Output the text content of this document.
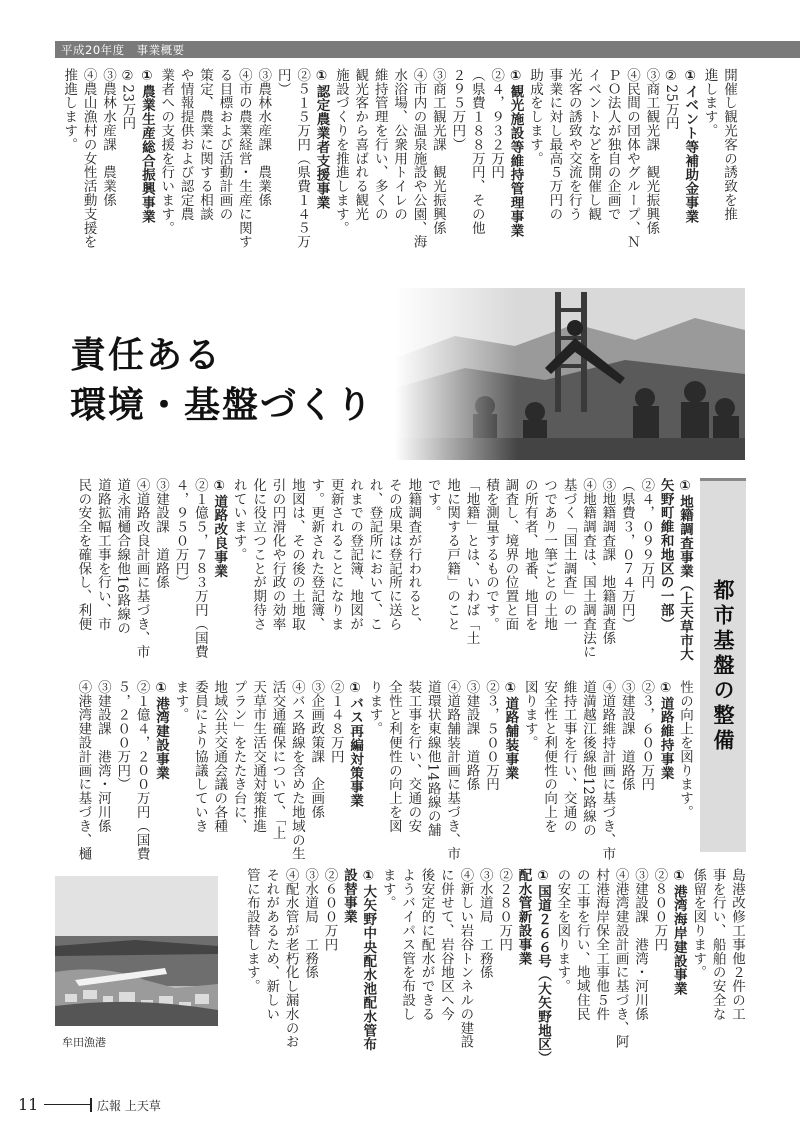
平成20年度　事業概要
開催し観光客の誘致を推
進します。
①イベント等補助金事業
②25万円
③商工観光課　観光振興係
④民間の団体やグループ、Ｎ
ＰＯ法人が独自の企画で
イベントなどを開催し観
光客の誘致や交流を行う
事業に対し最高５万円の
助成をします。
①観光施設等維持管理事業
②４，９３２万円
（県費１８８万円、その他
２９５万円）
③商工観光課　観光振興係
④市内の温泉施設や公園、海
水浴場、公衆用トイレの
維持管理を行い、多くの
観光客から喜ばれる観光
施設づくりを推進します。
①認定農業者支援事業
②５１５万円（県費１４５万
円）
③農林水産課　農業係
④市の農業経営・生産に関す
る目標および活動計画の
策定、農業に関する相談
や情報提供および認定農
業者への支援を行います。
①農業生産総合振興事業
②23万円
③農林水産課　農業係
④農山漁村の女性活動支援を
推進します。
責任ある
環境・基盤づくり
都市基盤の整備
①地籍調査事業（上天草市大
矢野町維和地区の一部）
②４，０９９万円
（県費３，０７４万円）
③地籍調査課　地籍調査係
④地籍調査は、国土調査法に
基づく「国土調査」の一
つであり一筆ごとの土地
の所有者、地番、地目を
調査し、境界の位置と面
積を測量するものです。
「地籍」とは、いわば「土
地に関する戸籍」のこと
です。
地籍調査が行われると、
その成果は登記所に送ら
れ、登記所において、こ
れまでの登記簿、地図が
更新されることになりま
す。更新された登記簿、
地図は、その後の土地取
引の円滑化や行政の効率
化に役立つことが期待さ
れています。
①道路改良事業
②１億５，７８３万円（国費
４，９５０万円）
③建設課　道路係
④道路改良計画に基づき、市
道永浦樋合線他16路線の
道路拡幅工事を行い、市
民の安全を確保し、利便
性の向上を図ります。
①道路維持事業
②３，６００万円
③建設課　道路係
④道路維持計画に基づき、市
道満越江後線他12路線の
維持工事を行い、交通の
安全性と利便性の向上を
図ります。
①道路舗装事業
②３，５００万円
③建設課　道路係
④道路舗装計画に基づき、市
道環状東線他14路線の舗
装工事を行い、交通の安
全性と利便性の向上を図
ります。
①バス再編対策事業
②１４８万円
③企画政策課　企画係
④バス路線を含めた地域の生
活交通確保について、「上
天草市生活交通対策推進
プラン」をたたき台に、
地域公共交通会議の各種
委員により協議していき
ます。
①港湾建設事業
②１億４，２００万円（国費
５，２００万円）
③建設課　港湾・河川係
④港湾建設計画に基づき、樋
島港改修工事他２件の工
事を行い、船舶の安全な
係留を図ります。
①港湾海岸建設事業
②８００万円
③建設課　港湾・河川係
④港湾建設計画に基づき、阿
村港海岸保全工事他５件
の工事を行い、地域住民
の安全を図ります。
①国道２６６号（大矢野地区）
配水管新設事業
②２８０万円
③水道局　工務係
④新しい岩谷トンネルの建設
に併せて、岩谷地区へ今
後安定的に配水ができる
ようバイパス管を布設し
ます。
①大矢野中央配水池配水管布
設替事業
②６００万円
③水道局　工務係
④配水管が老朽化し漏水のお
それがあるため、新しい
管に布設替します。
牟田漁港
11	広報 上天草
